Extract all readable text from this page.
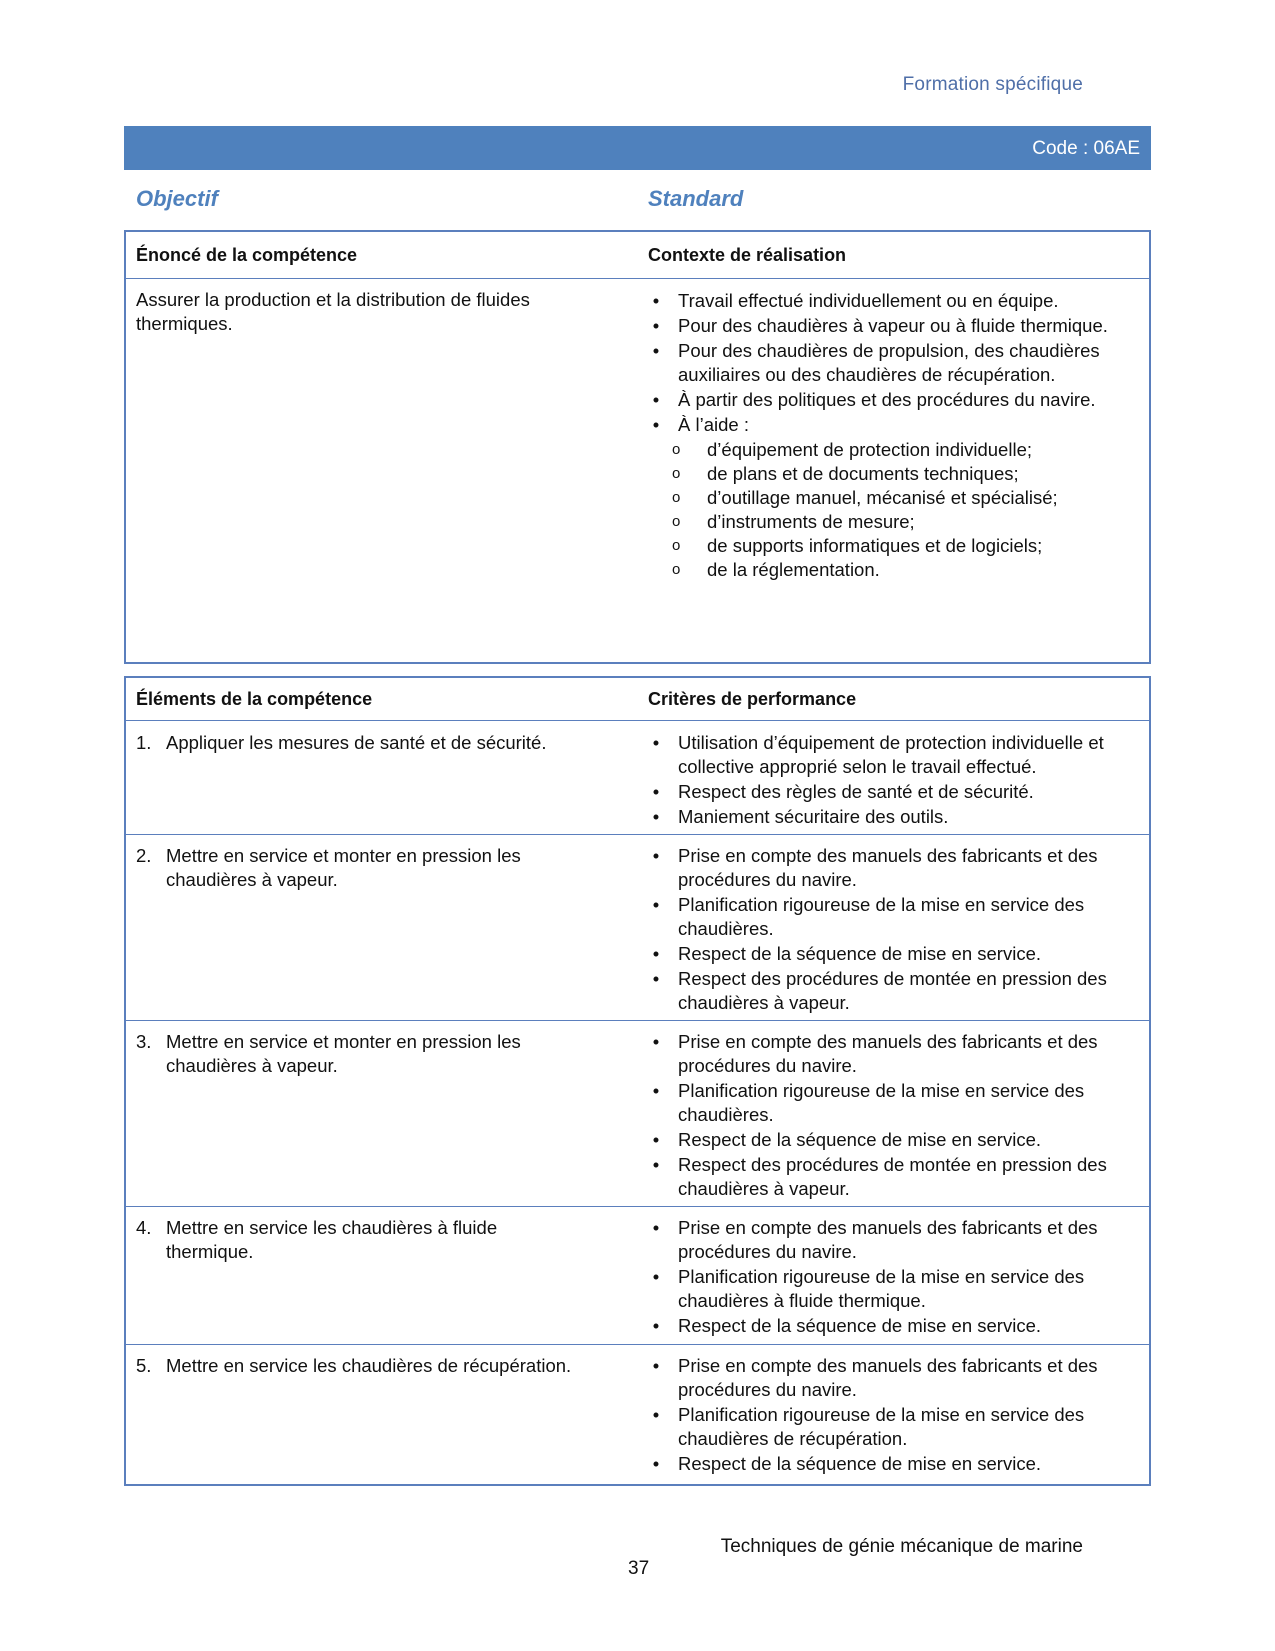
Formation spécifique
Code : 06AE
Objectif	Standard
Énoncé de la compétence	Contexte de réalisation
Assurer la production et la distribution de fluides thermiques.
• Travail effectué individuellement ou en équipe.
• Pour des chaudières à vapeur ou à fluide thermique.
• Pour des chaudières de propulsion, des chaudières auxiliaires ou des chaudières de récupération.
• À partir des politiques et des procédures du navire.
• À l’aide :
o	d’équipement de protection individuelle;
o	de plans et de documents techniques;
o	d’outillage manuel, mécanisé et spécialisé;
o	d’instruments de mesure;
o	de supports informatiques et de logiciels;
o	de la réglementation.
Éléments de la compétence	Critères de performance
1. Appliquer les mesures de santé et de sécurité.	• Utilisation d’équipement de protection individuelle et collective approprié selon le travail effectué.
• Respect des règles de santé et de sécurité.
• Maniement sécuritaire des outils.
2. Mettre en service et monter en pression les chaudières à vapeur.
• Prise en compte des manuels des fabricants et des procédures du navire.
• Planification rigoureuse de la mise en service des chaudières.
• Respect de la séquence de mise en service.
• Respect des procédures de montée en pression des chaudières à vapeur.
3. Mettre en service et monter en pression les chaudières à vapeur.
• Prise en compte des manuels des fabricants et des procédures du navire.
• Planification rigoureuse de la mise en service des chaudières.
• Respect de la séquence de mise en service.
• Respect des procédures de montée en pression des chaudières à vapeur.
4. Mettre en service les chaudières à fluide thermique.
• Prise en compte des manuels des fabricants et des procédures du navire.
• Planification rigoureuse de la mise en service des chaudières à fluide thermique.
• Respect de la séquence de mise en service.
5. Mettre en service les chaudières de récupération.	• Prise en compte des manuels des fabricants et des procédures du navire.
• Planification rigoureuse de la mise en service des chaudières de récupération.
• Respect de la séquence de mise en service.
Techniques de génie mécanique de marine
37
